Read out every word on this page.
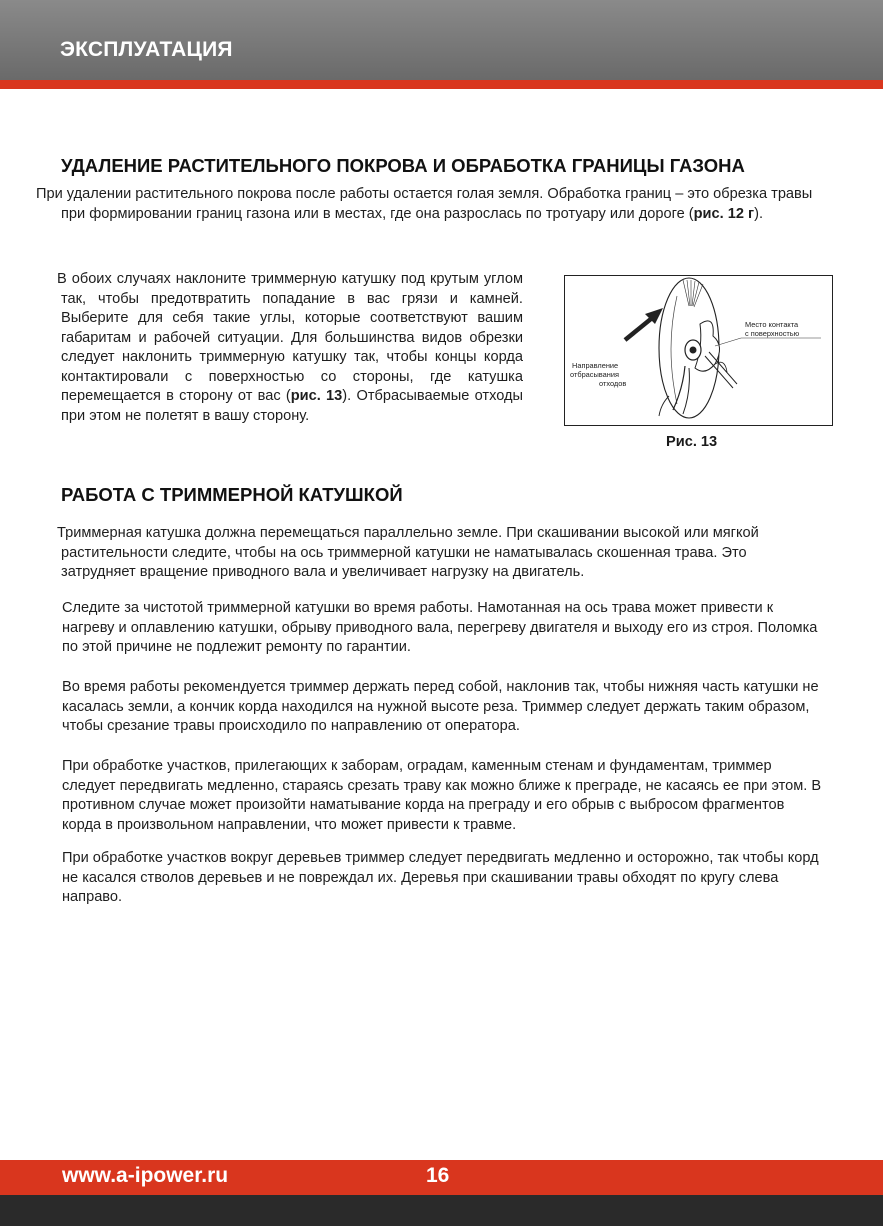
ЭКСПЛУАТАЦИЯ
УДАЛЕНИЕ РАСТИТЕЛЬНОГО ПОКРОВА И ОБРАБОТКА ГРАНИЦЫ ГАЗОНА

При удалении растительного покрова после работы остается голая земля. Обработка границ – это обрезка травы при формировании границ газона или в местах, где она разрослась по тротуару или дороге (рис. 12 г).

В обоих случаях наклоните триммерную катушку под крутым углом так, чтобы предотвратить попадание в вас грязи и камней. Выберите для себя такие углы, которые соответствуют вашим габаритам и рабочей ситуации. Для большинства видов обрезки следует наклонить триммерную катушку так, чтобы концы корда контактировали с поверхностью со стороны, где катушка перемещается в сторону от вас (рис. 13). Отбрасываемые отходы при этом не полетят в вашу сторону.

Место контакта
с поверхностью
Направление
отбрасывания
отходов
Рис. 13
РАБОТА С ТРИММЕРНОЙ КАТУШКОЙ

Триммерная катушка должна перемещаться параллельно земле. При скашивании высокой или мягкой растительности следите, чтобы на ось триммерной катушки не наматывалась скошенная трава. Это затрудняет вращение приводного вала и увеличивает нагрузку на двигатель.

Следите за чистотой триммерной катушки во время работы. Намотанная на ось трава может привести к нагреву и оплавлению катушки, обрыву приводного вала, перегреву двигателя и выходу его из строя. Поломка по этой причине не подлежит ремонту по гарантии.

Во время работы рекомендуется триммер держать перед собой, наклонив так, чтобы нижняя часть катушки не касалась земли, а кончик корда находился на нужной высоте реза. Триммер следует держать таким образом, чтобы срезание травы происходило по направлению от оператора.

При обработке участков, прилегающих к заборам, оградам, каменным стенам и фундаментам, триммер следует передвигать медленно, стараясь срезать траву как можно ближе к преграде, не касаясь ее при этом. В противном случае может произойти наматывание корда на преграду и его обрыв с выбросом фрагментов корда в произвольном направлении, что может привести к травме.

При обработке участков вокруг деревьев триммер следует передвигать медленно и осторожно, так чтобы корд не касался стволов деревьев и не повреждал их. Деревья при скашивании травы обходят по кругу слева направо.

www.a-ipower.ru	16
